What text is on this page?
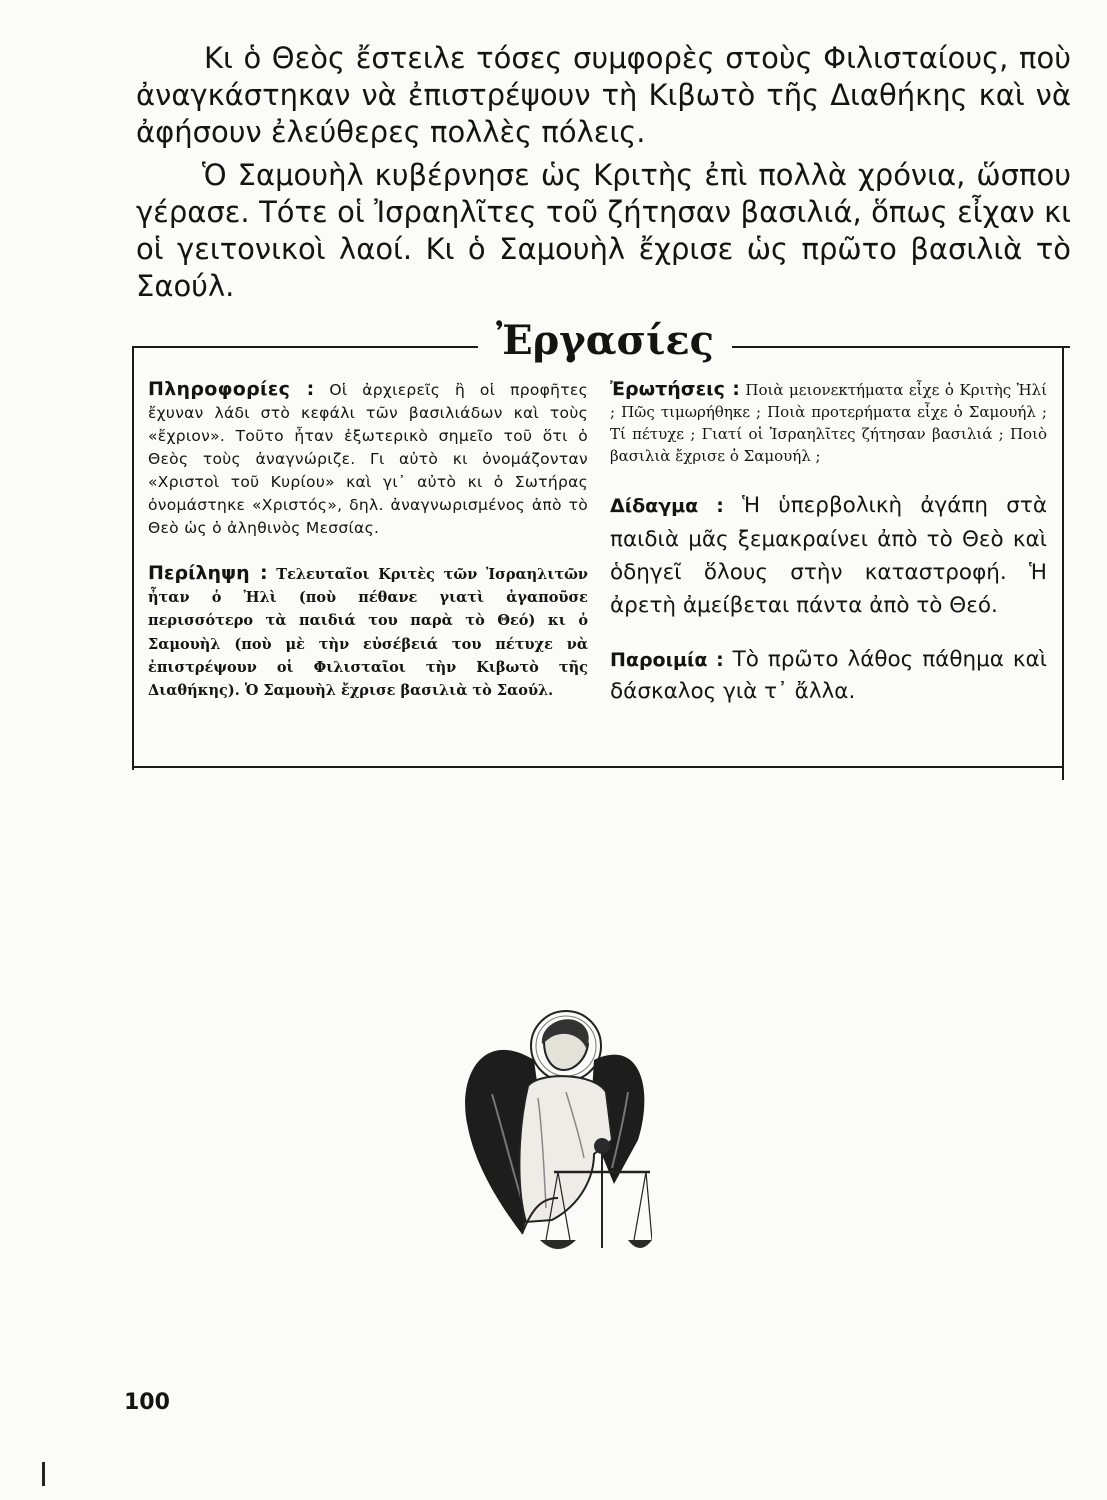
Κι ὁ Θεὸς ἔστειλε τόσες συμφορὲς στοὺς Φιλισταίους, ποὺ ἀναγκάστηκαν νὰ ἐπιστρέψουν τὴ Κιβωτὸ τῆς Διαθήκης καὶ νὰ ἀφήσουν ἐλεύθερες πολλὲς πόλεις.

Ὁ Σαμουὴλ κυβέρνησε ὡς Κριτὴς ἐπὶ πολλὰ χρόνια, ὥσπου γέρασε. Τότε οἱ Ἰσραηλῖτες τοῦ ζήτησαν βασιλιά, ὅπως εἶχαν κι οἱ γειτονικοὶ λαοί. Κι ὁ Σαμουὴλ ἔχρισε ὡς πρῶτο βασιλιὰ τὸ Σαούλ.

Ἐργασίες

Πληροφορίες : Οἱ ἀρχιερεῖς ἢ οἱ προφῆτες ἔχυναν λάδι στὸ κεφάλι τῶν βασιλιάδων καὶ τοὺς «ἔχριον». Τοῦτο ἦταν ἐξωτερικὸ σημεῖο τοῦ ὅτι ὁ Θεὸς τοὺς ἀναγνώριζε. Γι αὐτὸ κι ὀνομάζονταν «Χριστοὶ τοῦ Κυρίου» καὶ γι᾽ αὐτὸ κι ὁ Σωτήρας ὀνομάστηκε «Χριστός», δηλ. ἀναγνωρισμένος ἀπὸ τὸ Θεὸ ὡς ὁ ἀληθινὸς Μεσσίας.

Περίληψη : Τελευταῖοι Κριτὲς τῶν Ἰσραηλιτῶν ἦταν ὁ Ἠλὶ (ποὺ πέθανε γιατὶ ἀγαποῦσε περισσότερο τὰ παιδιά του παρὰ τὸ Θεό) κι ὁ Σαμουὴλ (ποὺ μὲ τὴν εὐσέβειά του πέτυχε νὰ ἐπιστρέψουν οἱ Φιλισταῖοι τὴν Κιβωτὸ τῆς Διαθήκης). Ὁ Σαμουὴλ ἔχρισε βασιλιὰ τὸ Σαούλ.

Ἐρωτήσεις : Ποιὰ μειονεκτήματα εἶχε ὁ Κριτὴς Ἠλί ; Πῶς τιμωρήθηκε ; Ποιὰ προτερήματα εἶχε ὁ Σαμουήλ ; Τί πέτυχε ; Γιατί οἱ Ἰσραηλῖτες ζήτησαν βασιλιά ; Ποιὸ βασιλιὰ ἔχρισε ὁ Σαμουήλ ;

Δίδαγμα : Ἡ ὑπερβολικὴ ἀγάπη στὰ παιδιὰ μᾶς ξεμακραίνει ἀπὸ τὸ Θεὸ καὶ ὁδηγεῖ ὅλους στὴν καταστροφή. Ἡ ἀρετὴ ἀμείβεται πάντα ἀπὸ τὸ Θεό.

Παροιμία : Τὸ πρῶτο λάθος πάθημα καὶ δάσκαλος γιὰ τ᾽ ἄλλα.

100
